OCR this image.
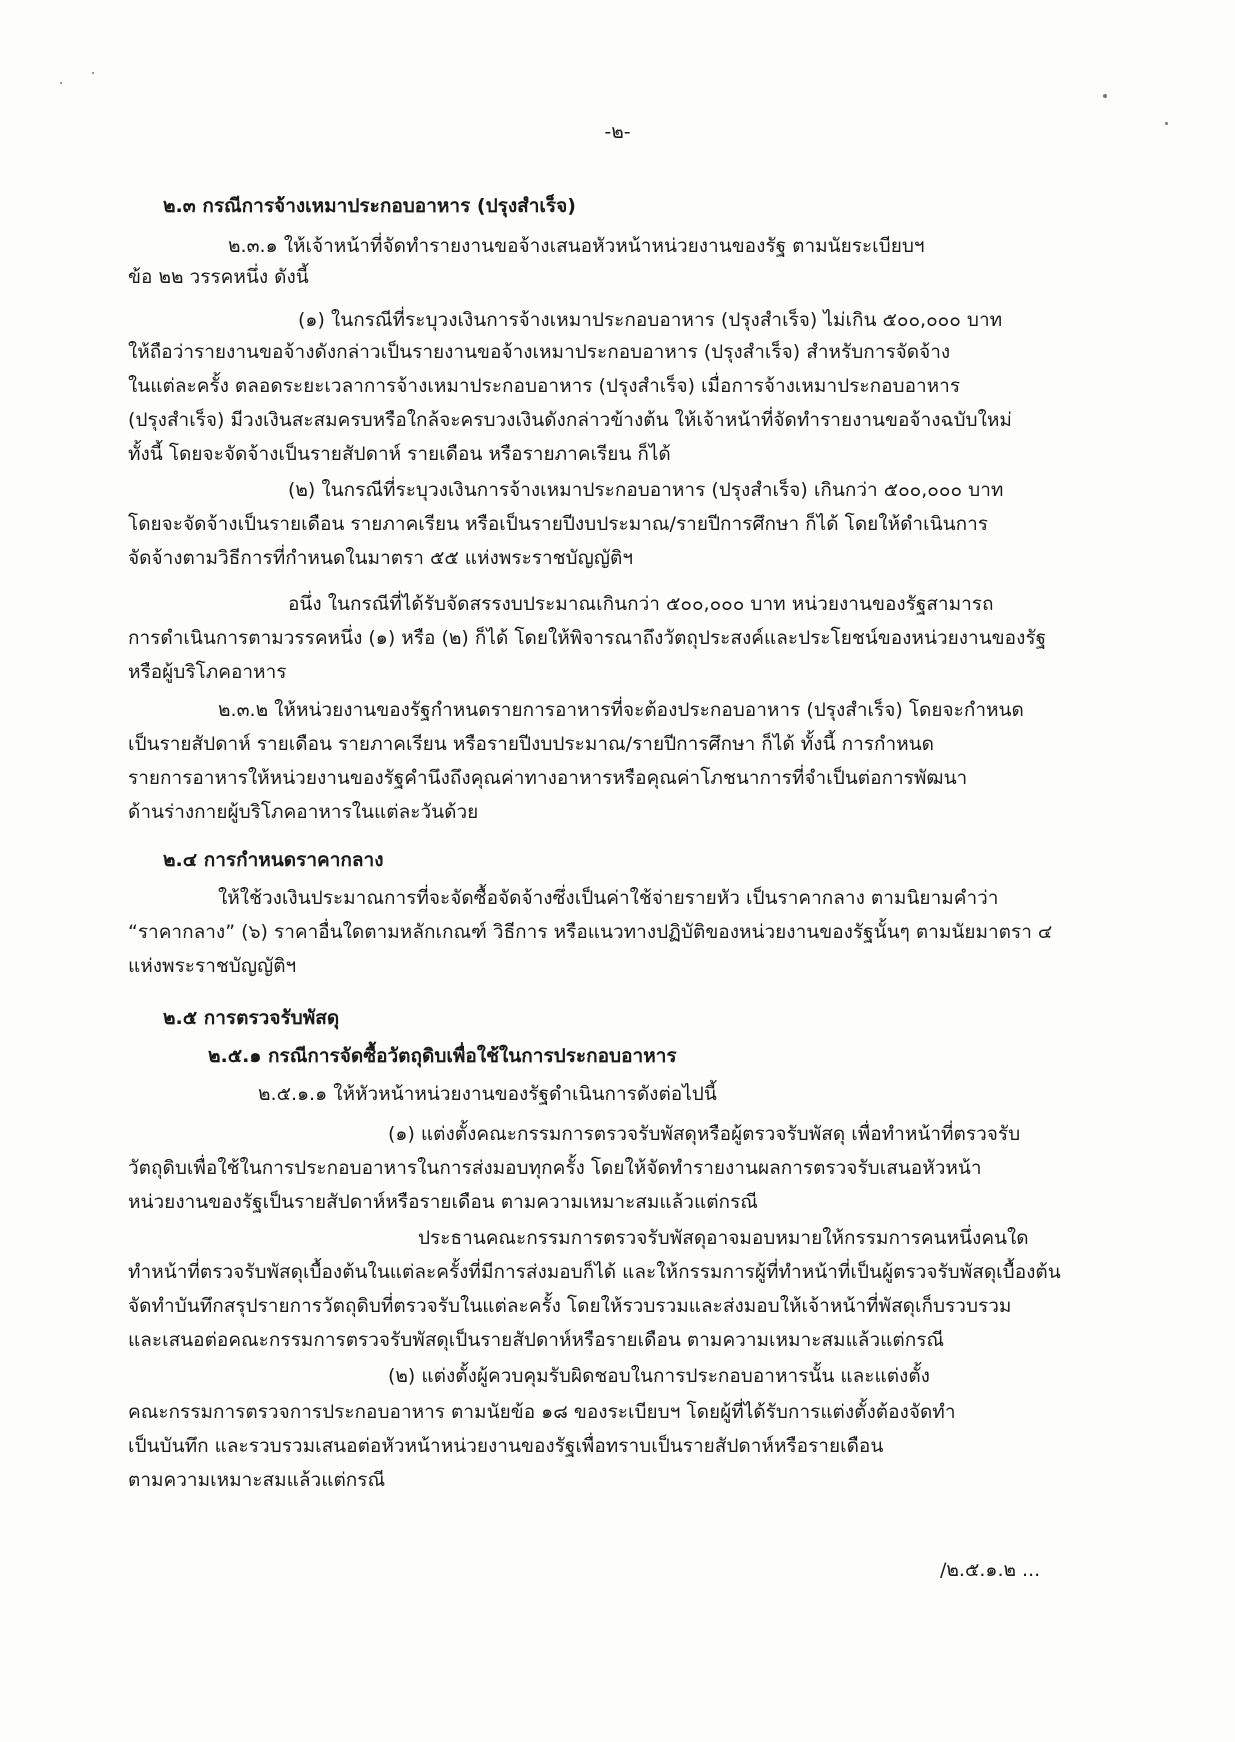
-๒-
๒.๓ กรณีการจ้างเหมาประกอบอาหาร (ปรุงสำเร็จ)
๒.๓.๑ ให้เจ้าหน้าที่จัดทำรายงานขอจ้างเสนอหัวหน้าหน่วยงานของรัฐ ตามนัยระเบียบฯ
ข้อ ๒๒ วรรคหนึ่ง ดังนี้
(๑) ในกรณีที่ระบุวงเงินการจ้างเหมาประกอบอาหาร (ปรุงสำเร็จ) ไม่เกิน ๕๐๐,๐๐๐ บาท
ให้ถือว่ารายงานขอจ้างดังกล่าวเป็นรายงานขอจ้างเหมาประกอบอาหาร (ปรุงสำเร็จ) สำหรับการจัดจ้าง
ในแต่ละครั้ง ตลอดระยะเวลาการจ้างเหมาประกอบอาหาร (ปรุงสำเร็จ) เมื่อการจ้างเหมาประกอบอาหาร
(ปรุงสำเร็จ) มีวงเงินสะสมครบหรือใกล้จะครบวงเงินดังกล่าวข้างต้น ให้เจ้าหน้าที่จัดทำรายงานขอจ้างฉบับใหม่
ทั้งนี้ โดยจะจัดจ้างเป็นรายสัปดาห์ รายเดือน หรือรายภาคเรียน ก็ได้
(๒) ในกรณีที่ระบุวงเงินการจ้างเหมาประกอบอาหาร (ปรุงสำเร็จ) เกินกว่า ๕๐๐,๐๐๐ บาท
โดยจะจัดจ้างเป็นรายเดือน รายภาคเรียน หรือเป็นรายปีงบประมาณ/รายปีการศึกษา ก็ได้ โดยให้ดำเนินการ
จัดจ้างตามวิธีการที่กำหนดในมาตรา ๕๕ แห่งพระราชบัญญัติฯ
อนึ่ง ในกรณีที่ได้รับจัดสรรงบประมาณเกินกว่า ๕๐๐,๐๐๐ บาท หน่วยงานของรัฐสามารถ
การดำเนินการตามวรรคหนึ่ง (๑) หรือ (๒) ก็ได้ โดยให้พิจารณาถึงวัตถุประสงค์และประโยชน์ของหน่วยงานของรัฐ
หรือผู้บริโภคอาหาร
๒.๓.๒ ให้หน่วยงานของรัฐกำหนดรายการอาหารที่จะต้องประกอบอาหาร (ปรุงสำเร็จ) โดยจะกำหนด
เป็นรายสัปดาห์ รายเดือน รายภาคเรียน หรือรายปีงบประมาณ/รายปีการศึกษา ก็ได้ ทั้งนี้ การกำหนด
รายการอาหารให้หน่วยงานของรัฐคำนึงถึงคุณค่าทางอาหารหรือคุณค่าโภชนาการที่จำเป็นต่อการพัฒนา
ด้านร่างกายผู้บริโภคอาหารในแต่ละวันด้วย
๒.๔ การกำหนดราคากลาง
ให้ใช้วงเงินประมาณการที่จะจัดซื้อจัดจ้างซึ่งเป็นค่าใช้จ่ายรายหัว เป็นราคากลาง ตามนิยามคำว่า
“ราคากลาง” (๖) ราคาอื่นใดตามหลักเกณฑ์ วิธีการ หรือแนวทางปฏิบัติของหน่วยงานของรัฐนั้นๆ ตามนัยมาตรา ๔
แห่งพระราชบัญญัติฯ
๒.๕ การตรวจรับพัสดุ
๒.๕.๑ กรณีการจัดซื้อวัตถุดิบเพื่อใช้ในการประกอบอาหาร
๒.๕.๑.๑ ให้หัวหน้าหน่วยงานของรัฐดำเนินการดังต่อไปนี้
(๑) แต่งตั้งคณะกรรมการตรวจรับพัสดุหรือผู้ตรวจรับพัสดุ เพื่อทำหน้าที่ตรวจรับ
วัตถุดิบเพื่อใช้ในการประกอบอาหารในการส่งมอบทุกครั้ง โดยให้จัดทำรายงานผลการตรวจรับเสนอหัวหน้า
หน่วยงานของรัฐเป็นรายสัปดาห์หรือรายเดือน ตามความเหมาะสมแล้วแต่กรณี
ประธานคณะกรรมการตรวจรับพัสดุอาจมอบหมายให้กรรมการคนหนึ่งคนใด
ทำหน้าที่ตรวจรับพัสดุเบื้องต้นในแต่ละครั้งที่มีการส่งมอบก็ได้ และให้กรรมการผู้ที่ทำหน้าที่เป็นผู้ตรวจรับพัสดุเบื้องต้น
จัดทำบันทึกสรุปรายการวัตถุดิบที่ตรวจรับในแต่ละครั้ง โดยให้รวบรวมและส่งมอบให้เจ้าหน้าที่พัสดุเก็บรวบรวม
และเสนอต่อคณะกรรมการตรวจรับพัสดุเป็นรายสัปดาห์หรือรายเดือน ตามความเหมาะสมแล้วแต่กรณี
(๒) แต่งตั้งผู้ควบคุมรับผิดชอบในการประกอบอาหารนั้น และแต่งตั้ง
คณะกรรมการตรวจการประกอบอาหาร ตามนัยข้อ ๑๘ ของระเบียบฯ โดยผู้ที่ได้รับการแต่งตั้งต้องจัดทำ
เป็นบันทึก และรวบรวมเสนอต่อหัวหน้าหน่วยงานของรัฐเพื่อทราบเป็นรายสัปดาห์หรือรายเดือน
ตามความเหมาะสมแล้วแต่กรณี
/๒.๕.๑.๒ ...
